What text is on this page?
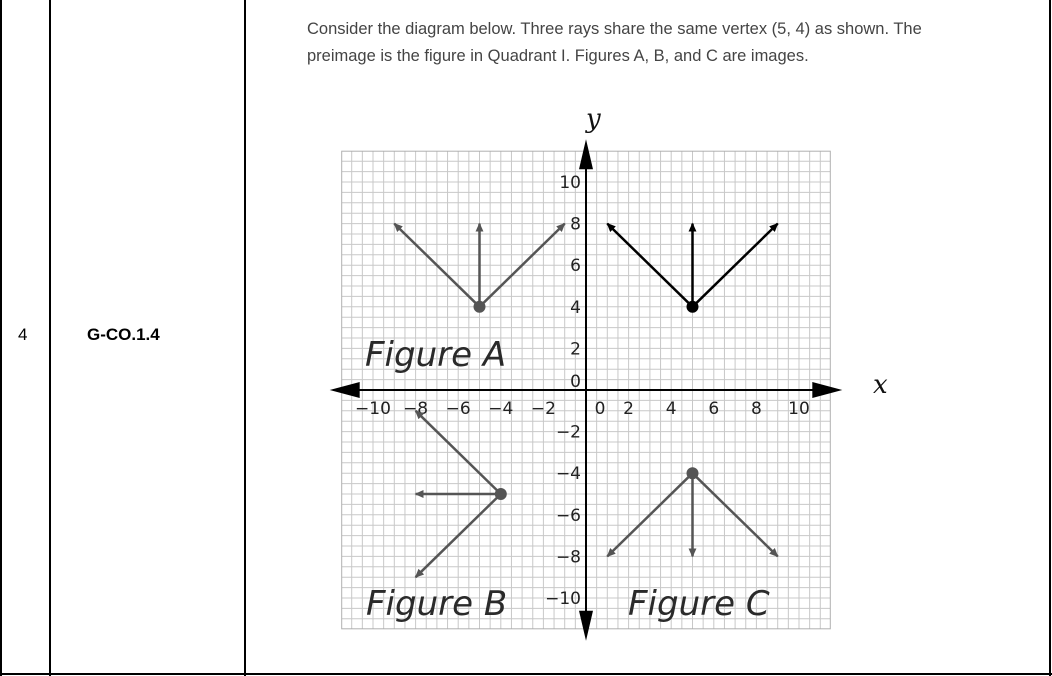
4	G-CO.1.4
Consider the diagram below. Three rays share the same vertex (5, 4) as shown. The preimage is the figure in Quadrant I. Figures A, B, and C are images.
−10 −8 −6 −4 −2 0 2 4 6 8 10
10
8
6
4
2
0
−2
−4
−6
−8
−10
y
x
Figure A
Figure B	Figure C
